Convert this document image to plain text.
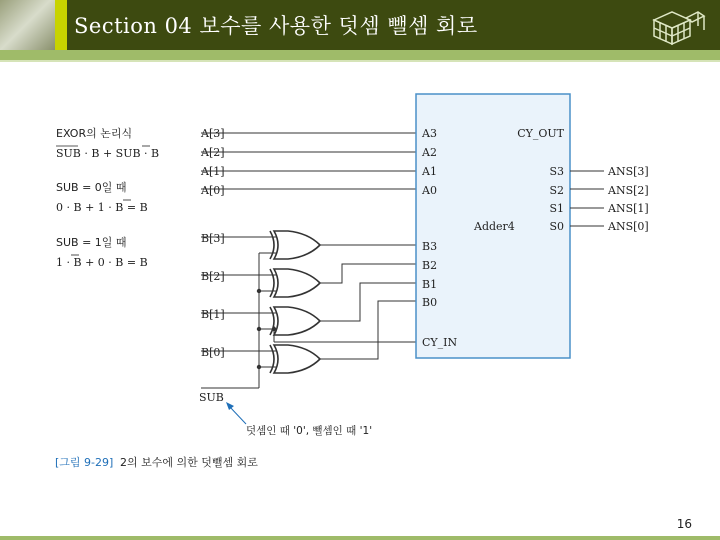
Section 04 보수를 사용한 덧셈 뺄셈 회로
EXOR의 논리식
SUB · B + SUB · B
SUB = 0일 때
0 · B + 1 · B = B
SUB = 1일 때
1 · B + 0 · B = B
A[3]
A[2]
A[1]
A[0]
B[3]
B[2]
B[1]
B[0]
SUB
A3
A2
A1
A0
B3
B2
B1
B0
CY_IN
CY_OUT
Adder4
S3
S2
S1
S0
ANS[3]
ANS[2]
ANS[1]
ANS[0]
덧셈인 때 '0', 뺄셈인 때 '1'
[그림 9-29] 2의 보수에 의한 덧뺄셈 회로
16
